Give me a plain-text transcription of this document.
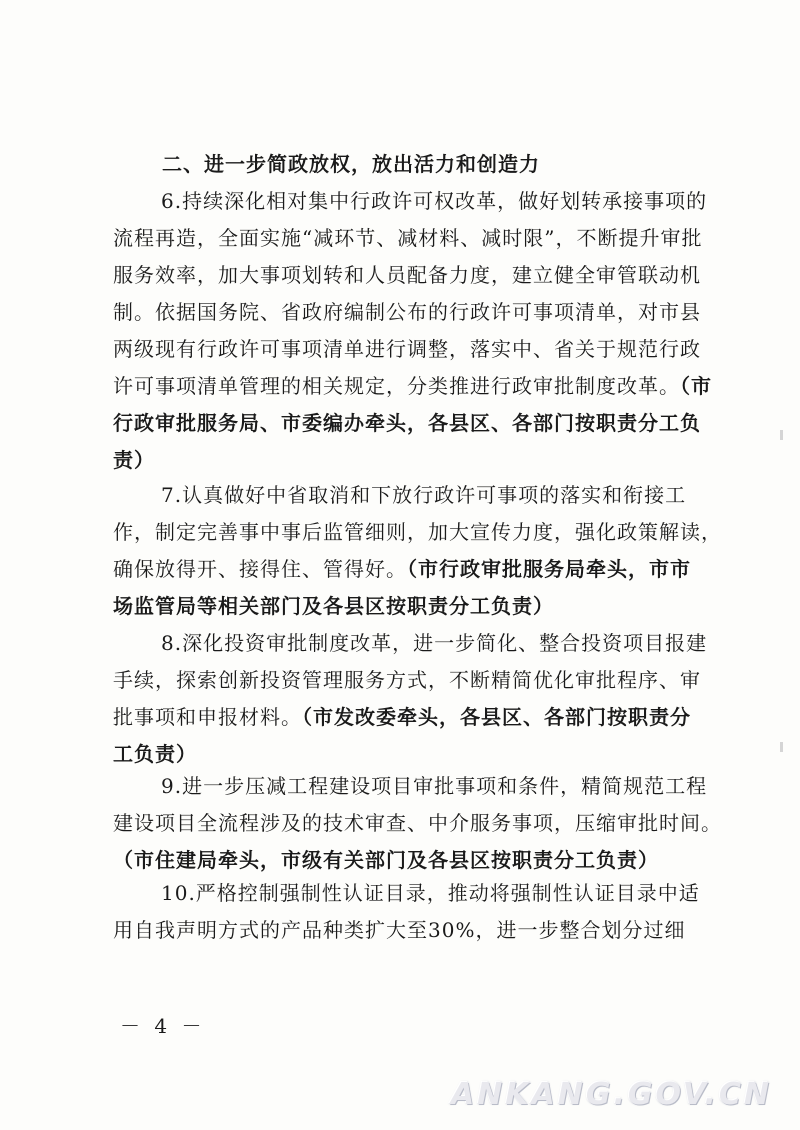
二、进一步简政放权，放出活力和创造力
6.持续深化相对集中行政许可权改革，做好划转承接事项的
流程再造，全面实施“减环节、减材料、减时限”，不断提升审批
服务效率，加大事项划转和人员配备力度，建立健全审管联动机
制。依据国务院、省政府编制公布的行政许可事项清单，对市县
两级现有行政许可事项清单进行调整，落实中、省关于规范行政
许可事项清单管理的相关规定，分类推进行政审批制度改革。（市
行政审批服务局、市委编办牵头，各县区、各部门按职责分工负
责）
7.认真做好中省取消和下放行政许可事项的落实和衔接工
作，制定完善事中事后监管细则，加大宣传力度，强化政策解读，
确保放得开、接得住、管得好。（市行政审批服务局牵头，市市
场监管局等相关部门及各县区按职责分工负责）
8.深化投资审批制度改革，进一步简化、整合投资项目报建
手续，探索创新投资管理服务方式，不断精简优化审批程序、审
批事项和申报材料。（市发改委牵头，各县区、各部门按职责分
工负责）
9.进一步压减工程建设项目审批事项和条件，精简规范工程
建设项目全流程涉及的技术审查、中介服务事项，压缩审批时间。
（市住建局牵头，市级有关部门及各县区按职责分工负责）
10.严格控制强制性认证目录，推动将强制性认证目录中适
用自我声明方式的产品种类扩大至30%，进一步整合划分过细
－ 4 －
ANKANG.GOV.CN
